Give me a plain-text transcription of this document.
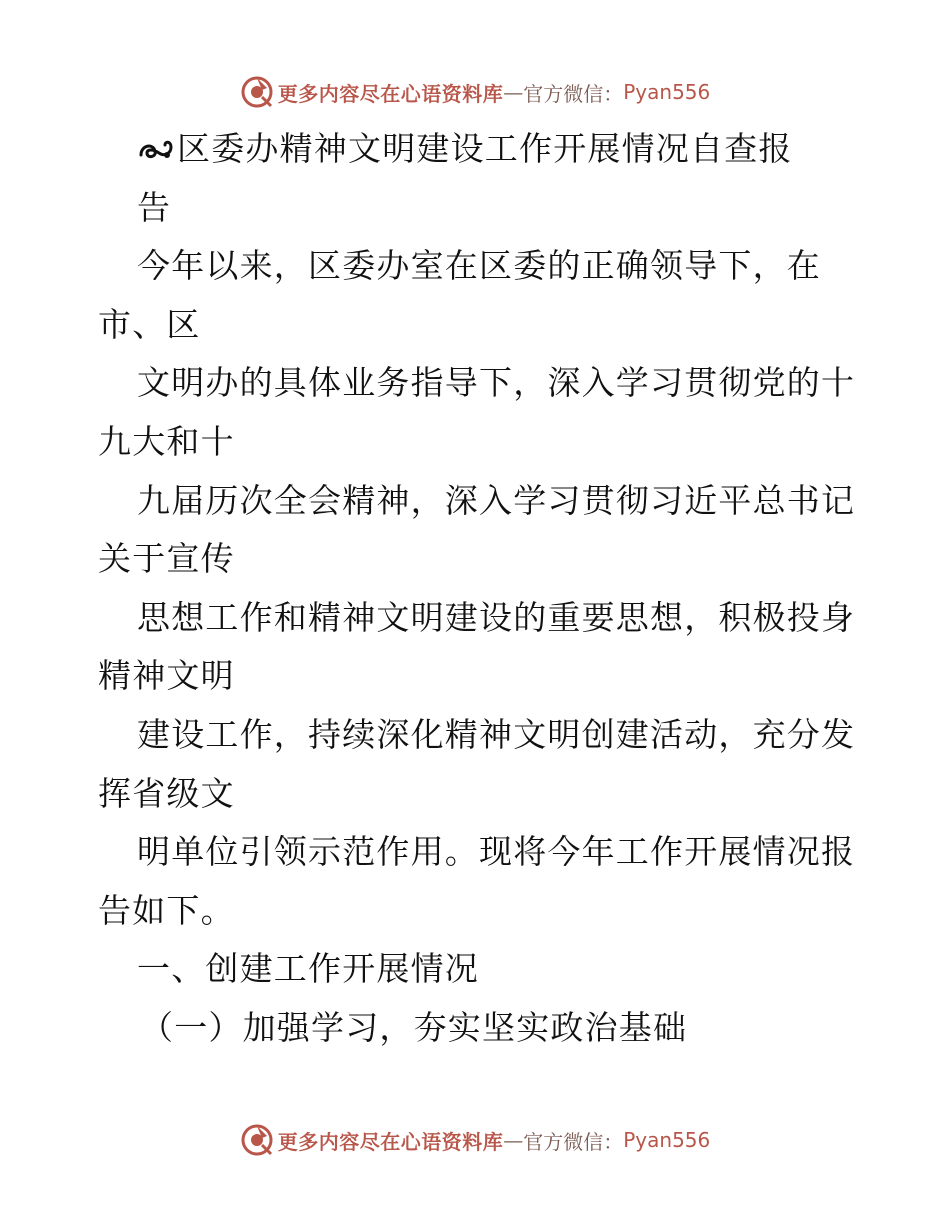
更多内容尽在心语资料库 — 官方微信： Pyan556
区委办精神文明建设工作开展情况自查报
告
今年以来，区委办室在区委的正确领导下，在
市、区
文明办的具体业务指导下，深入学习贯彻党的十
九大和十
九届历次全会精神，深入学习贯彻习近平总书记
关于宣传
思想工作和精神文明建设的重要思想，积极投身
精神文明
建设工作，持续深化精神文明创建活动，充分发
挥省级文
明单位引领示范作用。现将今年工作开展情况报
告如下。
一、创建工作开展情况
（一）加强学习，夯实坚实政治基础
更多内容尽在心语资料库 — 官方微信： Pyan556
